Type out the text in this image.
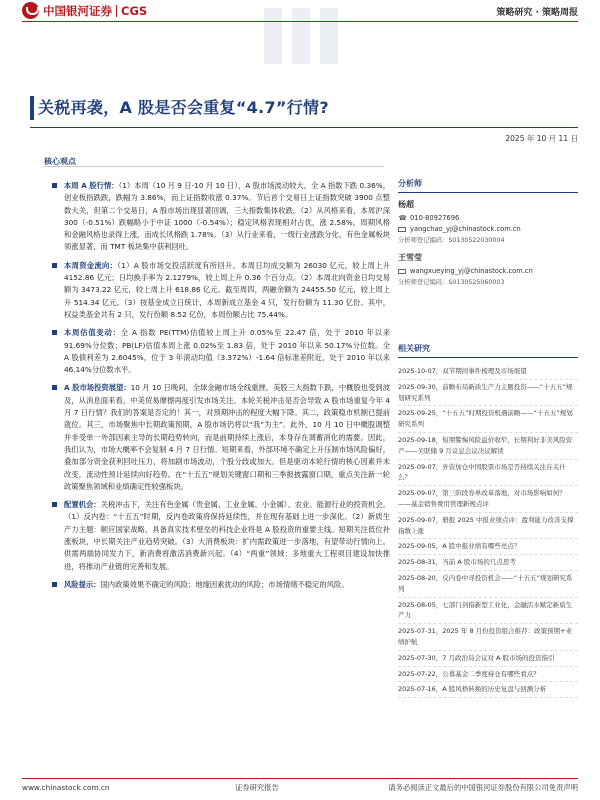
中国银河证券 CGS	策略研究 · 策略周报
关税再袭，A 股是否会重复“4.7”行情?
2025 年 10 月 11 日
核心观点
本周 A 股行情：（1）本周（10 月 9 日-10 月 10 日），A 股市场波动较大，全 A 指数下跌 0.36%，创业板指跌跌，跌幅为 3.86%，而上证指数收涨 0.37%。节后首个交易日上证指数突破 3900 点整数大关，但第二个交易日，A 股市场出现显著回调，三大指数集体收跌。（2）从风格来看，本周沪深 300（-0.51%）跌幅略小于中证 1000（-0.54%）；稳定风格表现相对占优，涨 2.58%，周期风格和金融风格也录得上涨，而成长风格跌 1.78%。（3）从行业来看，一级行业涨跌分化，有色金属板块领涨显著，而 TMT 板块集中获利回吐。
本周资金流向：（1）A 股市场交投活跃度有所回升。本周日均成交额为 26030 亿元，较上周上升 4152.86 亿元；日均换手率为 2.1279%，较上周上升 0.36 个百分点。（2）本周北向资金日均交易额为 3473.22 亿元，较上周上升 618.86 亿元。截至周四，两融余额为 24455.50 亿元，较上周上升 514.34 亿元。（3）按基金成立日统计，本周新成立基金 4 只，发行份额为 11.30 亿份。其中，权益类基金共有 2 只，发行份额 8.52 亿份，本周份额占比 75.44%。
本周估值变动：全 A 指数 PE(TTM)估值较上周上升 0.05%至 22.47 倍，处于 2010 年以来 91.69%分位数；PB(LF)估值本周上涨 0.02%至 1.83 倍，处于 2010 年以来 50.17%分位数。全 A 股债利差为 2.6045%，位于 3 年滚动均值（3.372%）-1.64 倍标准差附近，处于 2010 年以来 46.14%分位数水平。
A 股市场投资展望：10 月 10 日晚间，全球金融市场全线重挫，美股三大指数下跌，中概股也受到波及，从消息面来看，中美贸易摩擦再度引发市场关注。本轮关税冲击是否会导致 A 股市场重复今年 4 月 7 日行情？我们的答案是否定的！其一，对预期冲击的程度大幅下降。其二，政策稳市机制已提前就位。其三，市场聚焦中长期政策预期，A 股市场仍将以“我”为主”。此外，10 月 10 日中概股调整并非受单一外部因素主导的长期趋势转向，而是前期持续上涨后，本身存在调蓄消化的需要。因此，我们认为，市场大概率不会复制 4 月 7 日行情。短期来看，外部环境不确定上升压制市场风险偏好，叠加部分资金获利回吐压力，将加剧市场波动，个股分歧或加大。但是驱动本轮行情的核心因素并未改变，流动性预计延续向好趋势。在“十五五”规划关键窗口期和三季报披露窗口期，重点关注新一轮政策聚焦领域和业绩确定性较强板块。
配置机会：关税冲击下，关注有色金属（贵金属、工业金属、小金属）、农业、能源行业的投资机会。（1）反内卷：“十五五”时期，反内卷政策将保持延续性，并在现有基础上进一步深化。（2）新质生产力主题：顺应国家战略，具备真实技术壁垒的科技企业将是 A 股投资的重要主线。短期关注低位补涨板块，中长期关注产业趋势突破。（3）大消费板块：扩内需政策进一步落地，有望带动行情向上。供需两端协同发力下，新消费将激活消费新兴起。（4）“两重”领域：多地重大工程项目建设加快推进，将推动产业链的完善和发展。
风险提示：国内政策效果不确定的风险；地缘因素扰动的风险；市场情绪不稳定的风险。
分析师
杨超
☎ 010-80927696
yangchao_yj@chinastock.com.cn
分析师登记编码：S0130522030004
王雪莹
wangxueying_yj@chinastock.com.cn
分析师登记编码：S0130525060003
相关研究
2025-10-07，双节期间事件梳理及市场展望
2025-09-30，前瞻布局新质生产力主题投资——“十五五”规划研究系列
2025-09-25，“十五五”时期投资机遇前瞻——“十五五”规划研究系列
2025-09-18，短期警惕风险溢价收窄，长期利好非美风险资产——美联储 9 月议息会议决议解读
2025-09-07，外资加仓中国股票市场是否持续关注在关什么？
2025-09-07，第三阶段券单改革落地，对市场影响如何？——基金销售费用管理新规点评
2025-09-07，册报 2025 中报业绩点评：盈利能力改善支撑指数上涨
2025-09-05，A 股中报业绩有哪些亮点？
2025-08-31，当前 A 股市场的几点思考
2025-08-20，反内卷中寻投资机会——“十五五”规划研究系列
2025-08-05，七部门剑指新型工业化，金融活水赋定新质生产力
2025-07-31，2025 年 8 月份投资组合推荐：政策预期+业绩护航
2025-07-30，7 月政治局会议对 A 股市场的投资指引
2025-07-22，公募基金二季度持仓有哪些看点？
2025-07-16，A 股风格转换的历史复盘与回测分析
www.chinastock.com.cn	证券研究报告	请务必阅读正文最后的中国银河证券股份有限公司免责声明
